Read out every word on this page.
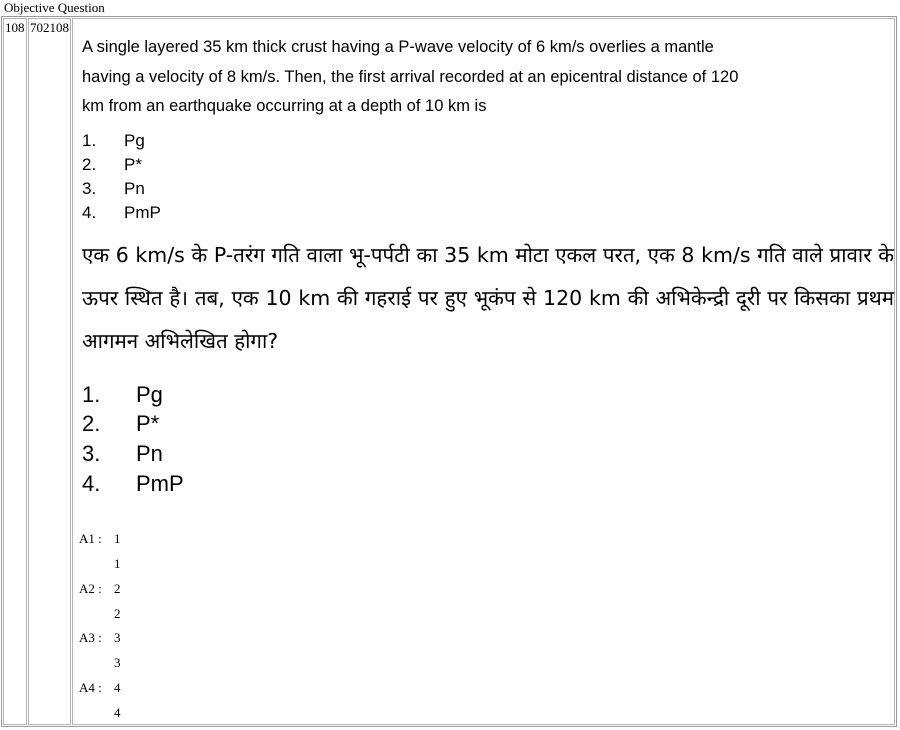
Objective Question
108 702108

A single layered 35 km thick crust having a P-wave velocity of 6 km/s overlies a mantle having a velocity of 8 km/s. Then, the first arrival recorded at an epicentral distance of 120 km from an earthquake occurring at a depth of 10 km is

1. Pg
2. P*
3. Pn
4. PmP

एक 6 km/s के P-तरंग गति वाला भू-पर्पटी का 35 km मोटा एकल परत, एक 8 km/s गति वाले प्रावार के ऊपर स्थित है। तब, एक 10 km की गहराई पर हुए भूकंप से 120 km की अभिकेन्द्री दूरी पर किसका प्रथम आगमन अभिलेखित होगा?

1. Pg
2. P*
3. Pn
4. PmP
A1 : 1
1
A2 : 2
2
A3 : 3
3
A4 : 4
4
